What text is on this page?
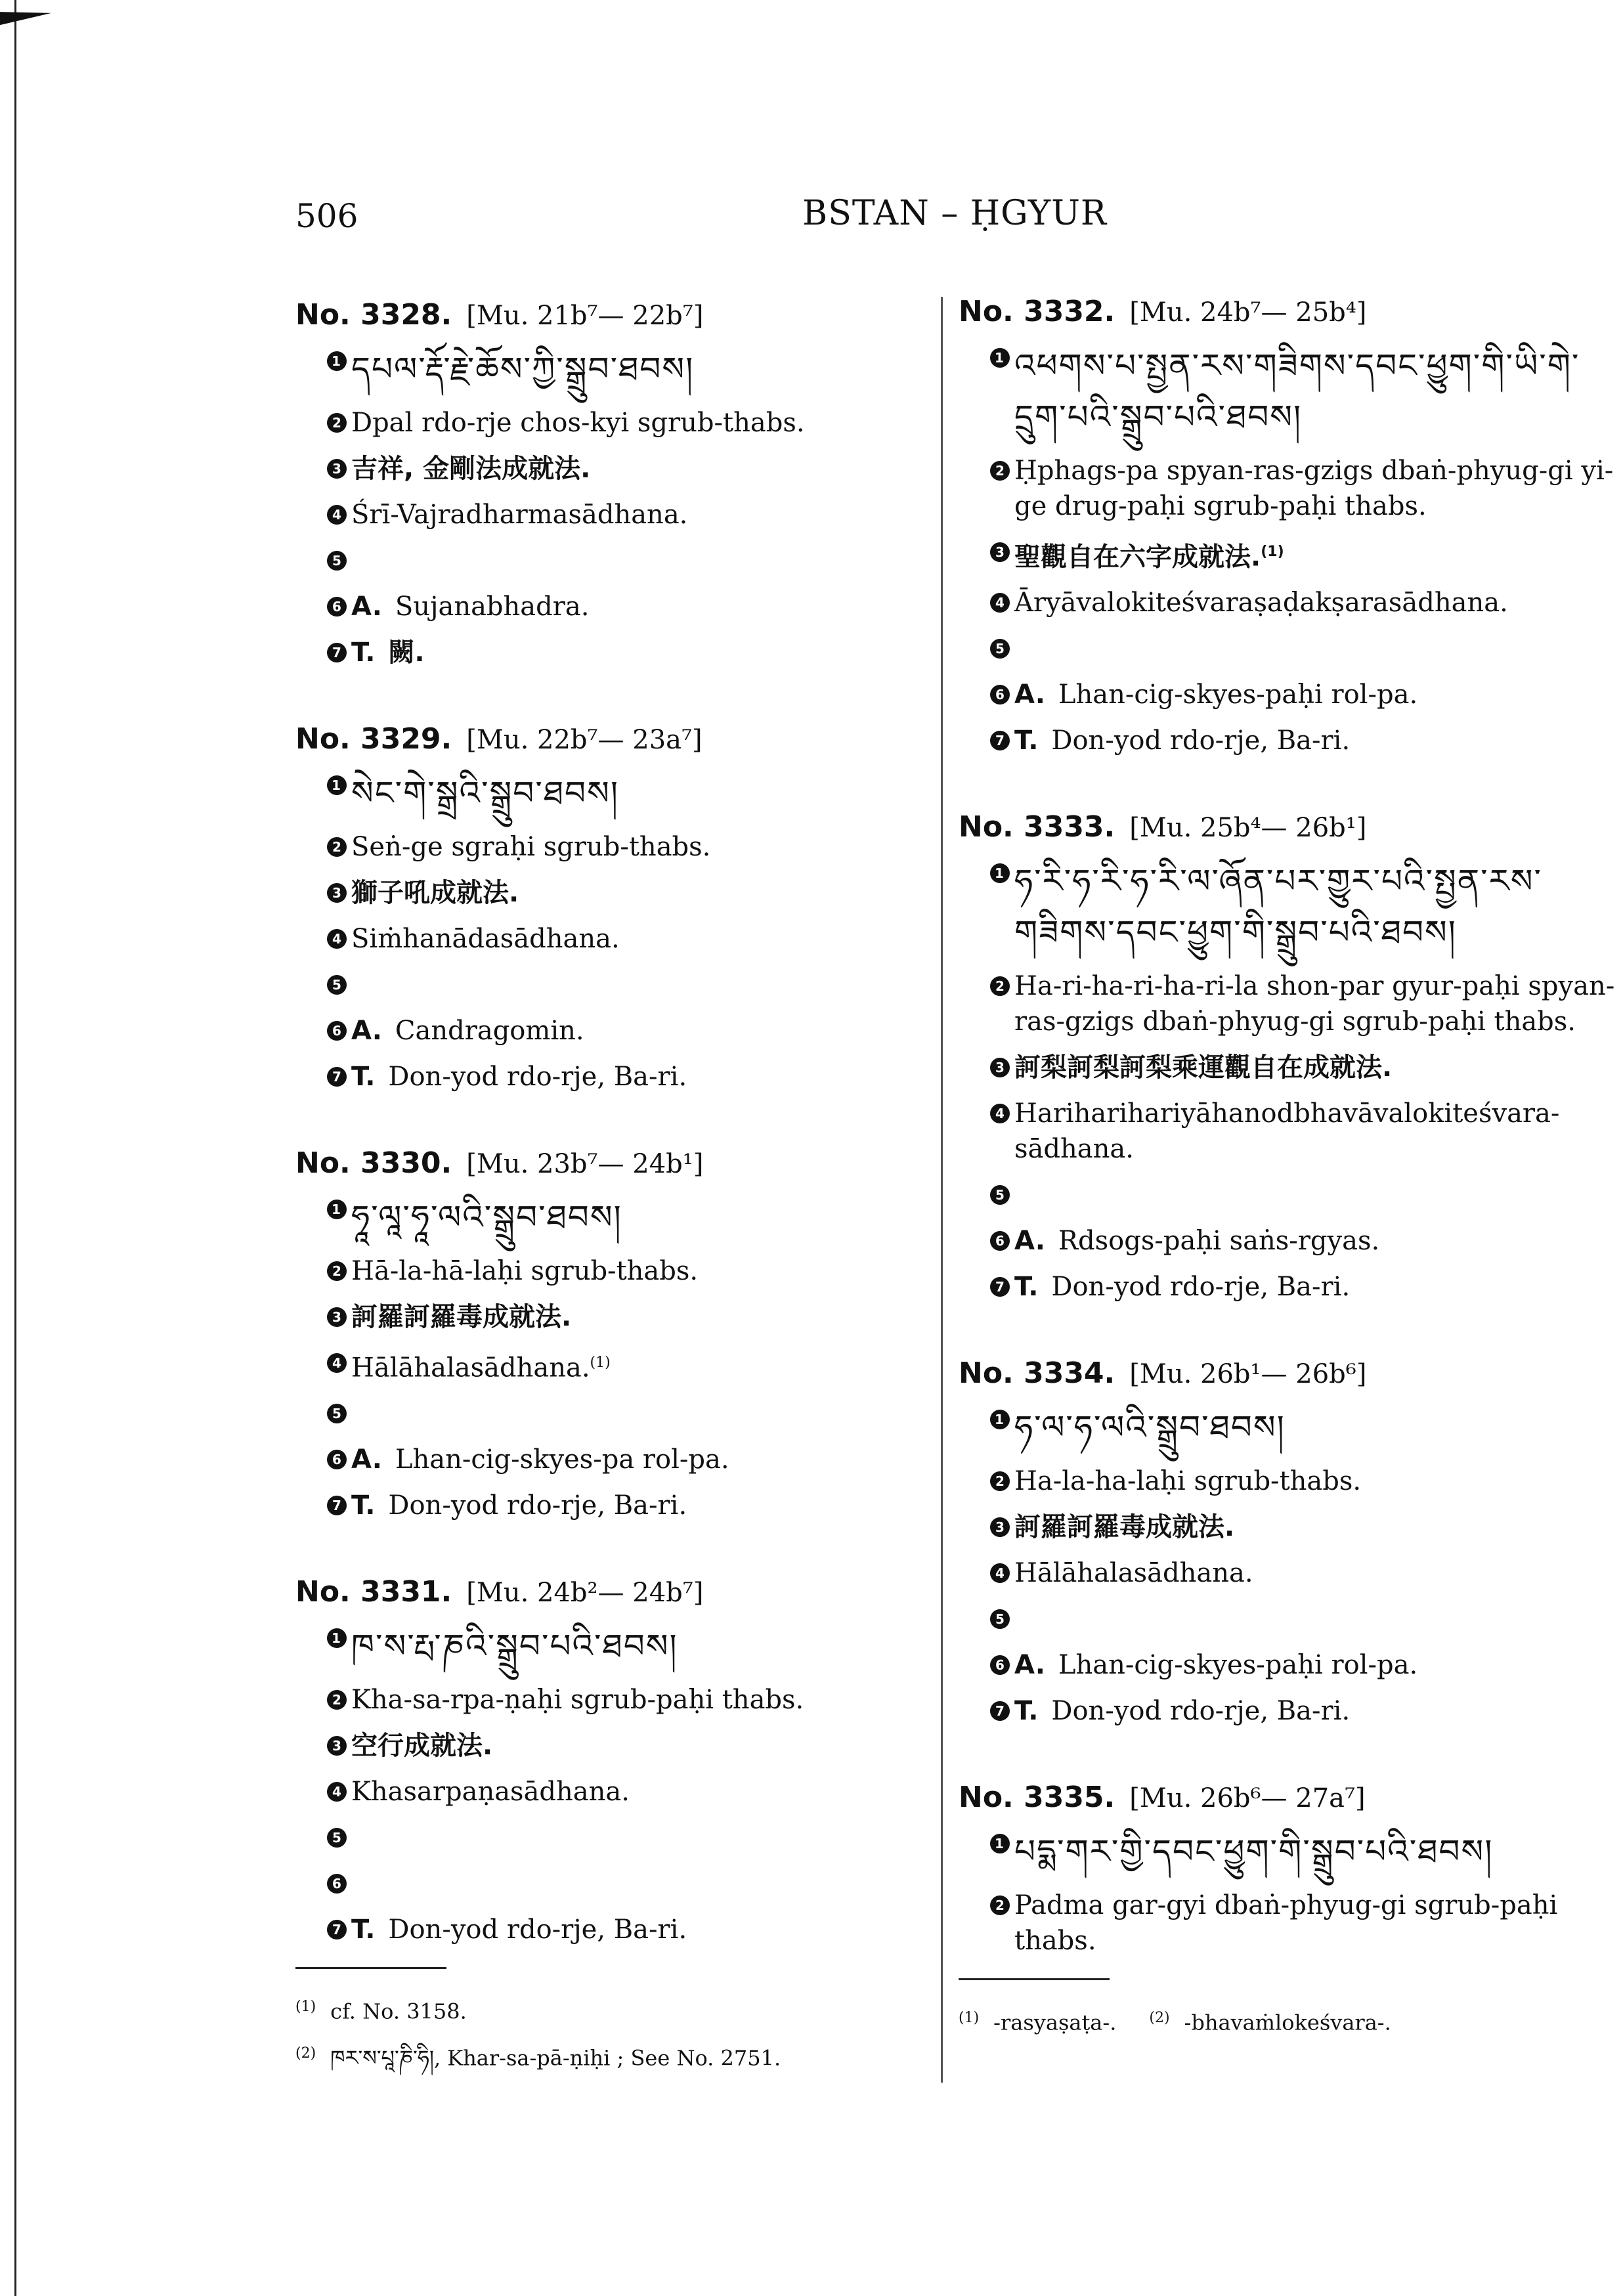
506	BSTAN – ḤGYUR
No. 3328. [Mu. 21b⁷— 22b⁷]
1 དཔལ་རྡོ་རྗེ་ཆོས་ཀྱི་སྒྲུབ་ཐབས།
2 Dpal rdo-rje chos-kyi sgrub-thabs.
3 吉祥, 金剛法成就法.
4 Śrī-Vajradharmasādhana.
5
6 A. Sujanabhadra.
7 T. 闕.
No. 3329. [Mu. 22b⁷— 23a⁷]
1 སེང་གེ་སྒྲའི་སྒྲུབ་ཐབས།
2 Seṅ-ge sgraḥi sgrub-thabs.
3 獅子吼成就法.
4 Siṁhanādasādhana.
5
6 A. Candragomin.
7 T. Don-yod rdo-rje, Ba-ri.
No. 3330. [Mu. 23b⁷— 24b¹]
1 ཧཱ་ལཱ་ཧཱ་ལའི་སྒྲུབ་ཐབས།
2 Hā-la-hā-laḥi sgrub-thabs.
3 訶羅訶羅毒成就法.
4 Hālāhalasādhana.$^{(1)}$
5
6 A. Lhan-cig-skyes-pa rol-pa.
7 T. Don-yod rdo-rje, Ba-ri.
No. 3331. [Mu. 24b²— 24b⁷]
1 ཁ་ས་རྤ་ཎའི་སྒྲུབ་པའི་ཐབས།
2 Kha-sa-rpa-ṇaḥi sgrub-paḥi thabs.
3 空行成就法.
4 Khasarpaṇasādhana.
5
6
7 T. Don-yod rdo-rje, Ba-ri.
$^{(1)}$ cf. No. 3158.
$^{(2)}$ ཁར་ས་པཱ་ཎི་ཧི།, Khar-sa-pā-ṇiḥi ; See No. 2751.
No. 3332. [Mu. 24b⁷— 25b⁴]
1 འཕགས་པ་སྤྱན་རས་གཟིགས་དབང་ཕྱུག་གི་ཡི་གེ་དྲུག་པའི་སྒྲུབ་པའི་ཐབས།
2 Ḥphags-pa spyan-ras-gzigs dbaṅ-phyug-gi yi-ge drug-paḥi sgrub-paḥi thabs.
3 聖觀自在六字成就法.$^{(1)}$
4 Āryāvalokiteśvaraṣaḍakṣarasādhana.
5
6 A. Lhan-cig-skyes-paḥi rol-pa.
7 T. Don-yod rdo-rje, Ba-ri.
No. 3333. [Mu. 25b⁴— 26b¹]
1 ཧ་རི་ཧ་རི་ཧ་རི་ལ་ཞོན་པར་གྱུར་པའི་སྤྱན་རས་གཟིགས་དབང་ཕྱུག་གི་སྒྲུབ་པའི་ཐབས།
2 Ha-ri-ha-ri-ha-ri-la shon-par gyur-paḥi spyan-ras-gzigs dbaṅ-phyug-gi sgrub-paḥi thabs.
3 訶梨訶梨訶梨乘運觀自在成就法.
4 Hariharihariyāhanodbhavāvalokiteśvara-sādhana.
5
6 A. Rdsogs-paḥi saṅs-rgyas.
7 T. Don-yod rdo-rje, Ba-ri.
No. 3334. [Mu. 26b¹— 26b⁶]
1 ཧ་ལ་ཧ་ལའི་སྒྲུབ་ཐབས།
2 Ha-la-ha-laḥi sgrub-thabs.
3 訶羅訶羅毒成就法.
4 Hālāhalasādhana.
5
6 A. Lhan-cig-skyes-paḥi rol-pa.
7 T. Don-yod rdo-rje, Ba-ri.
No. 3335. [Mu. 26b⁶— 27a⁷]
1 པདྨ་གར་གྱི་དབང་ཕྱུག་གི་སྒྲུབ་པའི་ཐབས།
2 Padma gar-gyi dbaṅ-phyug-gi sgrub-paḥi thabs.
$^{(1)}$ -rasyaṣaṭa-. $^{(2)}$ -bhavaṁlokeśvara-.
